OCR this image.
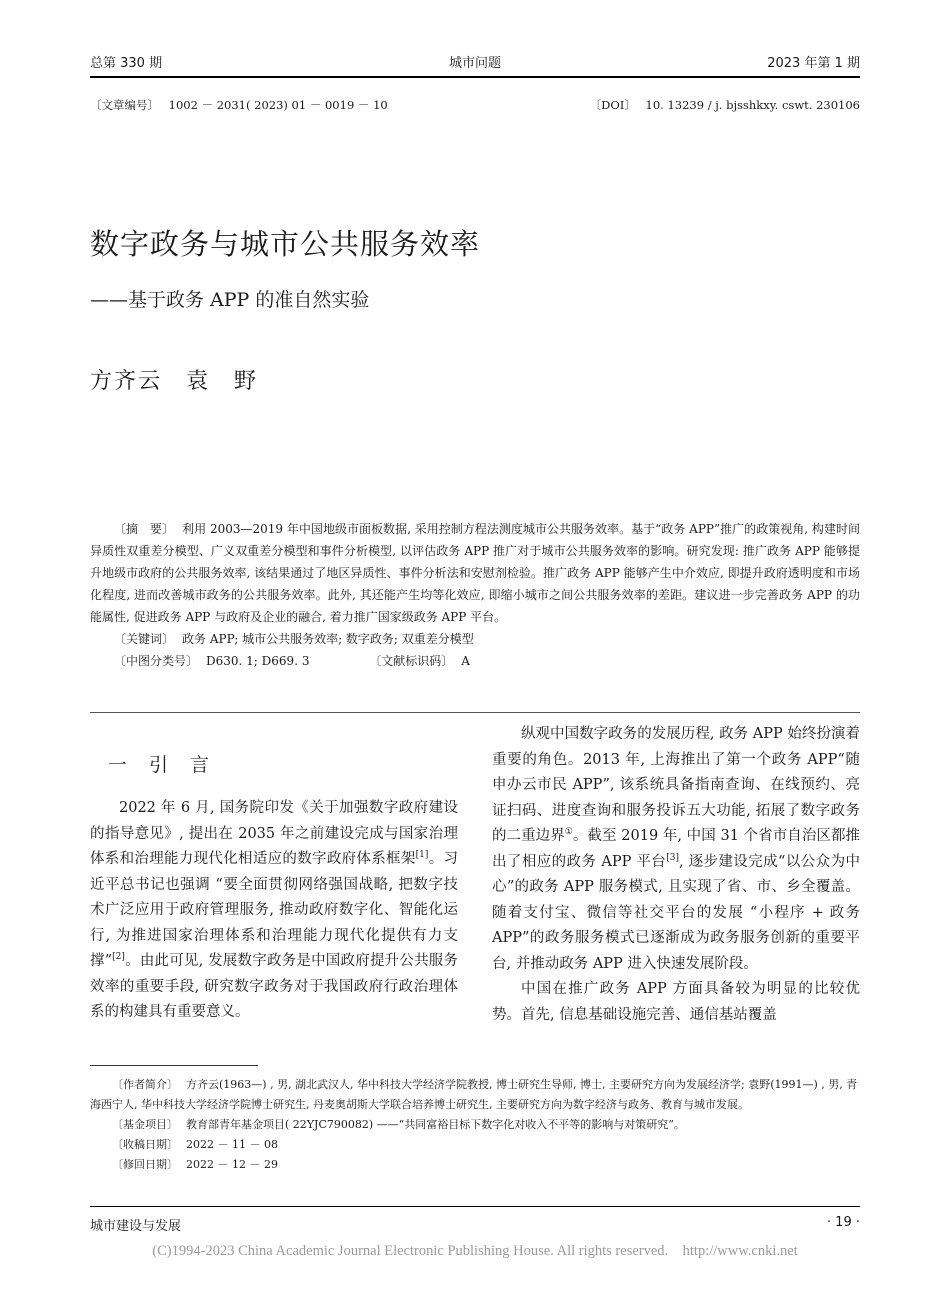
总第 330 期	城市问题	2023 年第 1 期
〔文章编号〕 1002 － 2031( 2023) 01 － 0019 － 10	〔DOI〕 10. 13239 / j. bjsshkxy. cswt. 230106
数字政务与城市公共服务效率
——基于政务 APP 的准自然实验
方齐云　袁　野

〔摘　要〕 利用 2003—2019 年中国地级市面板数据, 采用控制方程法测度城市公共服务效率。基于“政务 APP”推广的政策视角, 构建时间异质性双重差分模型、广义双重差分模型和事件分析模型, 以评估政务 APP 推广对于城市公共服务效率的影响。研究发现: 推广政务 APP 能够提升地级市政府的公共服务效率, 该结果通过了地区异质性、事件分析法和安慰剂检验。推广政务 APP 能够产生中介效应, 即提升政府透明度和市场化程度, 进而改善城市政务的公共服务效率。此外, 其还能产生均等化效应, 即缩小城市之间公共服务效率的差距。建议进一步完善政务 APP 的功能属性, 促进政务 APP 与政府及企业的融合, 着力推广国家级政务 APP 平台。

〔关键词〕 政务 APP; 城市公共服务效率; 数字政务; 双重差分模型

〔中图分类号〕 D630. 1; D669. 3	〔文献标识码〕 A

一 引 言

2022 年 6 月, 国务院印发《关于加强数字政府建设的指导意见》, 提出在 2035 年之前建设完成与国家治理体系和治理能力现代化相适应的数字政府体系框架[1]。习近平总书记也强调 “要全面贯彻网络强国战略, 把数字技术广泛应用于政府管理服务, 推动政府数字化、智能化运行, 为推进国家治理体系和治理能力现代化提供有力支撑”[2]。由此可见, 发展数字政务是中国政府提升公共服务效率的重要手段, 研究数字政务对于我国政府行政治理体系的构建具有重要意义。

纵观中国数字政务的发展历程, 政务 APP 始终扮演着重要的角色。2013 年, 上海推出了第一个政务 APP“随申办云市民 APP”, 该系统具备指南查询、在线预约、亮证扫码、进度查询和服务投诉五大功能, 拓展了数字政务的二重边界①。截至 2019 年, 中国 31 个省市自治区都推出了相应的政务 APP 平台[3], 逐步建设完成“以公众为中心”的政务 APP 服务模式, 且实现了省、市、乡全覆盖。随着支付宝、微信等社交平台的发展 “小程序 + 政务 APP”的政务服务模式已逐渐成为政务服务创新的重要平台, 并推动政务 APP 进入快速发展阶段。

中国在推广政务 APP 方面具备较为明显的比较优势。首先, 信息基础设施完善、通信基站覆盖

〔作者简介〕 方齐云(1963—) , 男, 湖北武汉人, 华中科技大学经济学院教授, 博士研究生导师, 博士, 主要研究方向为发展经济学; 袁野(1991—) , 男, 青海西宁人, 华中科技大学经济学院博士研究生, 丹麦奥胡斯大学联合培养博士研究生, 主要研究方向为数字经济与政务、教育与城市发展。

〔基金项目〕 教育部青年基金项目( 22YJC790082) ——“共同富裕目标下数字化对收入不平等的影响与对策研究”。

〔收稿日期〕 2022 － 11 － 08

〔修回日期〕 2022 － 12 － 29

城市建设与发展	· 19 ·
(C)1994-2023 China Academic Journal Electronic Publishing House. All rights reserved.    http://www.cnki.net
